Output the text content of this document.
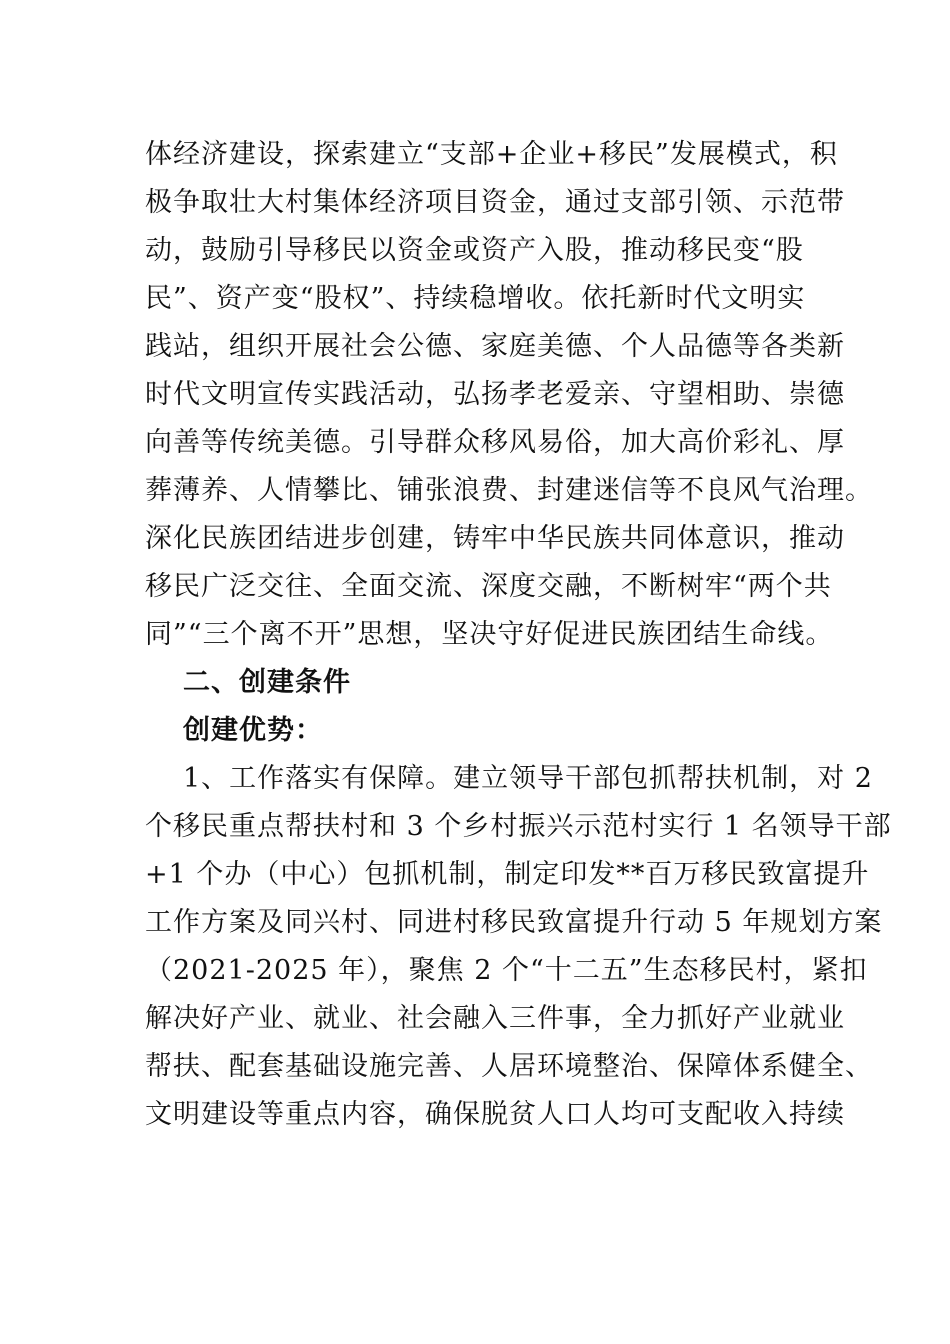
体经济建设，探索建立“支部+企业+移民”发展模式，积
极争取壮大村集体经济项目资金，通过支部引领、示范带
动，鼓励引导移民以资金或资产入股，推动移民变“股
民”、资产变“股权”、持续稳增收。依托新时代文明实
践站，组织开展社会公德、家庭美德、个人品德等各类新
时代文明宣传实践活动，弘扬孝老爱亲、守望相助、崇德
向善等传统美德。引导群众移风易俗，加大高价彩礼、厚
葬薄养、人情攀比、铺张浪费、封建迷信等不良风气治理。
深化民族团结进步创建，铸牢中华民族共同体意识，推动
移民广泛交往、全面交流、深度交融，不断树牢“两个共
同”“三个离不开”思想，坚决守好促进民族团结生命线。
二、创建条件
创建优势：
1、工作落实有保障。建立领导干部包抓帮扶机制，对 2
个移民重点帮扶村和 3 个乡村振兴示范村实行 1 名领导干部
+1 个办（中心）包抓机制，制定印发**百万移民致富提升
工作方案及同兴村、同进村移民致富提升行动 5 年规划方案
（2021-2025 年），聚焦 2 个“十二五”生态移民村，紧扣
解决好产业、就业、社会融入三件事，全力抓好产业就业
帮扶、配套基础设施完善、人居环境整治、保障体系健全、
文明建设等重点内容，确保脱贫人口人均可支配收入持续
